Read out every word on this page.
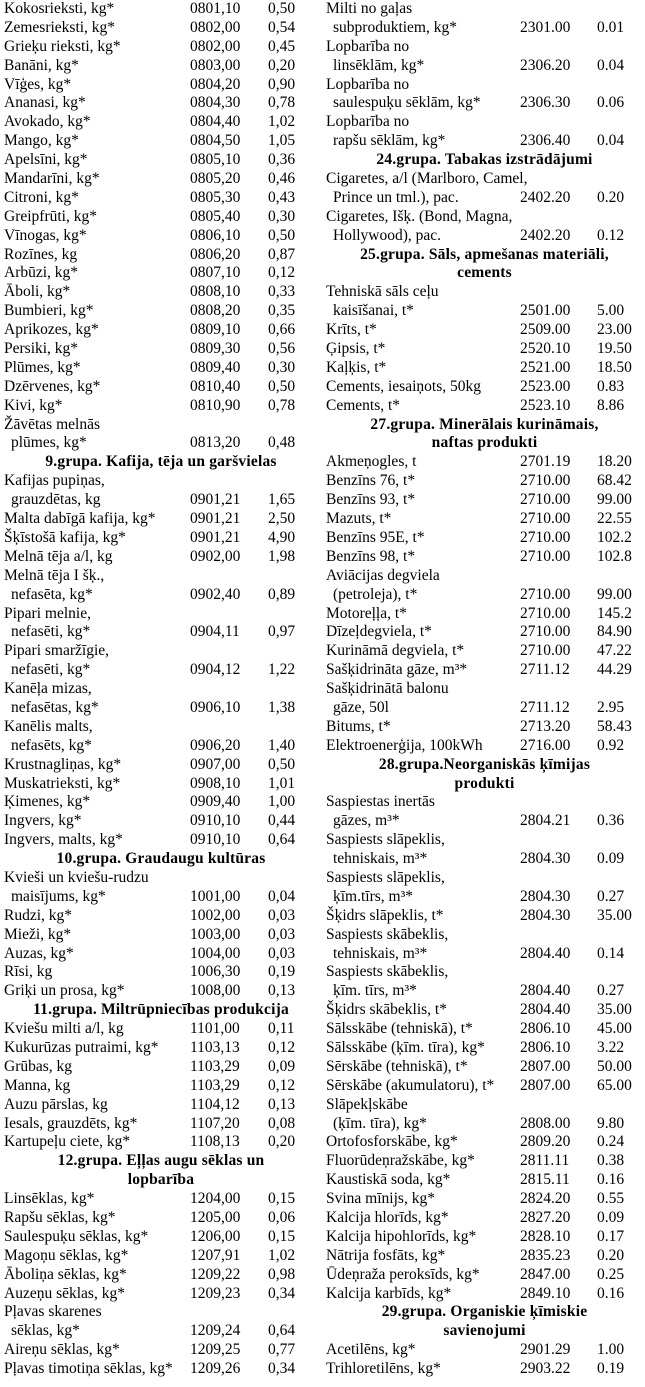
Kokosrieksti, kg*	0801,10 0,50
Zemesrieksti, kg*	0802,00 0,54
Grieķu rieksti, kg*	0802,00 0,45
Banāni, kg*	0803,00 0,20
Vīģes, kg*	0804,20 0,90
Ananasi, kg*	0804,30 0,78
Avokado, kg*	0804,40 1,02
Mango, kg*	0804,50 1,05
Apelsīni, kg*	0805,10 0,36
Mandarīni, kg*	0805,20 0,46
Citroni, kg*	0805,30 0,43
Greipfrūti, kg*	0805,40 0,30
Vīnogas, kg*	0806,10 0,50
Rozīnes, kg	0806,20 0,87
Arbūzi, kg*	0807,10 0,12
Āboli, kg*	0808,10 0,33
Bumbieri, kg*	0808,20 0,35
Aprikozes, kg*	0809,10 0,66
Persiki, kg*	0809,30 0,56
Plūmes, kg*	0809,40 0,30
Dzērvenes, kg*	0810,40 0,50
Kivi, kg*	0810,90 0,78
Žāvētas melnās
plūmes, kg*	0813,20 0,48
9.grupa. Kafija, tēja un garšvielas
Kafijas pupiņas,
grauzdētas, kg	0901,21 1,65
Malta dabīgā kafija, kg* 0901,21 2,50
Šķīstošā kafija, kg*	0901,21 4,90
Melnā tēja a/l, kg	0902,00 1,98
Melnā tēja I šķ.,
nefasēta, kg*	0902,40 0,89
Pipari melnie,
nefasēti, kg*	0904,11 0,97
Pipari smaržīgie,
nefasēti, kg*	0904,12 1,22
Kanēļa mizas,
nefasētas, kg*	0906,10 1,38
Kanēlis malts,
nefasēts, kg*	0906,20 1,40
Krustnagliņas, kg*	0907,00 0,50
Muskatrieksti, kg*	0908,10 1,01
Ķimenes, kg*	0909,40 1,00
Ingvers, kg*	0910,10 0,44
Ingvers, malts, kg*	0910,10 0,64
10.grupa. Graudaugu kultūras
Kvieši un kviešu-rudzu
maisījums, kg*	1001,00 0,04
Rudzi, kg*	1002,00 0,03
Mieži, kg*	1003,00 0,03
Auzas, kg*	1004,00 0,03
Rīsi, kg	1006,30 0,19
Griķi un prosa, kg*	1008,00 0,13
11.grupa. Miltrūpniecības produkcija
Kviešu milti a/l, kg	1101,00 0,11
Kukurūzas putraimi, kg* 1103,13 0,12
Grūbas, kg	1103,29 0,09
Manna, kg	1103,29 0,12
Auzu pārslas, kg	1104,12 0,13
Iesals, grauzdēts, kg*	1107,20 0,08
Kartupeļu ciete, kg*	1108,13 0,20
12.grupa. Eļļas augu sēklas un
lopbarība
Linsēklas, kg*	1204,00 0,15
Rapšu sēklas, kg*	1205,00 0,06
Saulespuķu sēklas, kg*	1206,00 0,15
Magoņu sēklas, kg*	1207,91 1,02
Āboliņa sēklas, kg*	1209,22 0,98
Auzeņu sēklas, kg*	1209,23 0,34
Pļavas skarenes
sēklas, kg*	1209,24 0,64
Aireņu sēklas, kg*	1209,25 0,77
Pļavas timotiņa sēklas, kg* 1209,26 0,34
Milti no gaļas
subproduktiem, kg*	2301.00 0.01
Lopbarība no
linsēklām, kg*	2306.20 0.04
Lopbarība no
saulespuķu sēklām, kg*	2306.30 0.06
Lopbarība no
rapšu sēklām, kg*	2306.40 0.04
24.grupa. Tabakas izstrādājumi
Cigaretes, a/l (Marlboro, Camel,
Prince un tml.), pac.	2402.20 0.20
Cigaretes, Išķ. (Bond, Magna,
Hollywood), pac.	2402.20 0.12
25.grupa. Sāls, apmešanas materiāli,
cements
Tehniskā sāls ceļu
kaisīšanai, t*	2501.00 5.00
Krīts, t*	2509.00 23.00
Ģipsis, t*	2520.10 19.50
Kaļķis, t*	2521.00 18.50
Cements, iesaiņots, 50kg	2523.00 0.83
Cements, t*	2523.10 8.86
27.grupa. Minerālais kurināmais,
naftas produkti
Akmeņogles, t	2701.19 18.20
Benzīns 76, t*	2710.00 68.42
Benzīns 93, t*	2710.00 99.00
Mazuts, t*	2710.00 22.55
Benzīns 95E, t*	2710.00 102.2
Benzīns 98, t*	2710.00 102.8
Aviācijas degviela
(petroleja), t*	2710.00 99.00
Motoreļļa, t*	2710.00 145.2
Dīzeļdegviela, t*	2710.00 84.90
Kurināmā degviela, t*	2710.00 47.22
Sašķidrināta gāze, m³*	2711.12 44.29
Sašķidrinātā balonu
gāze, 50l	2711.12 2.95
Bitums, t*	2713.20 58.43
Elektroenerģija, 100kWh 2716.00 0.92
28.grupa.Neorganiskās ķīmijas
produkti
Saspiestas inertās
gāzes, m³*	2804.21 0.36
Saspiests slāpeklis,
tehniskais, m³*	2804.30 0.09
Saspiests slāpeklis,
ķīm.tīrs, m³*	2804.30 0.27
Šķidrs slāpeklis, t*	2804.30 35.00
Saspiests skābeklis,
tehniskais, m³*	2804.40 0.14
Saspiests skābeklis,
ķīm. tīrs, m³*	2804.40 0.27
Šķidrs skābeklis, t*	2804.40 35.00
Sālsskābe (tehniskā), t*	2806.10 45.00
Sālsskābe (ķīm. tīra), kg* 2806.10 3.22
Sērskābe (tehniskā), t*	2807.00 50.00
Sērskābe (akumulatoru), t* 2807.00 65.00
Slāpekļskābe
(ķīm. tīra), kg*	2808.00 9.80
Ortofosforskābe, kg*	2809.20 0.24
Fluorūdeņražskābe, kg*	2811.11 0.38
Kaustiskā soda, kg*	2815.11 0.16
Svina mīnijs, kg*	2824.20 0.55
Kalcija hlorīds, kg*	2827.20 0.09
Kalcija hipohlorīds, kg*	2828.10 0.17
Nātrija fosfāts, kg*	2835.23 0.20
Ūdeņraža peroksīds, kg*	2847.00 0.25
Kalcija karbīds, kg*	2849.10 0.16
29.grupa. Organiskie ķīmiskie
savienojumi
Acetilēns, kg*	2901.29 1.00
Trihloretilēns, kg*	2903.22 0.19
